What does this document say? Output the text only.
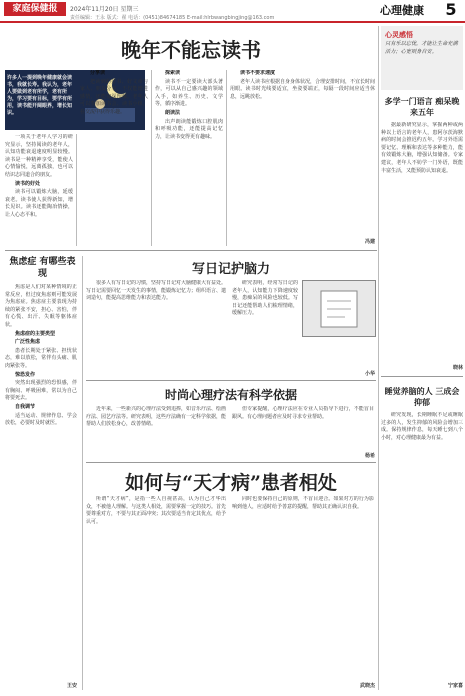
家庭保健报	2024年11月20日 星期三
责任编辑：王永 版式：翟 电话：(0451)84674185 E-mail:hlrbwangbingjing@163.com
心理健康	5
晚年不能忘读书
许多人一提到晚年健康就会读书，我就长寿。我认为，老年人要做到老有所学，老有所为，学习要有目标，要学有所用，读书能开阔眼界，增长知识。

一项关于老年人学习的研究显示，坚持阅读的老年人，认知功能衰退速度明显较慢。读书是一种精神享受，能使人心情愉悦，远离孤独，也可以结识志同道合的朋友。

读书的好处

读书可以锻炼大脑，延缓衰老。读书使人获得新知，增长见识。读书还能陶冶情操，让人心态平和。

分享读

把读到的好书、好文章与家人、朋友分享，不仅能增进感情，还能加深理解。老年人可以参加读书会、读书小组，在交流中获得乐趣。

探索读

读书不一定要读大部头著作，可以从自己感兴趣的领域入手，如养生、历史、文学等，循序渐进。

朗读法

出声朗读能锻炼口腔肌肉和呼吸功能，还能提高记忆力，让读书变得更有趣味。

读书不要求速度

老年人读书应根据自身身体状况，合理安排时间，不宜长时间用眼。读书时光线要适宜，坐姿要端正，每隔一段时间应适当休息，远眺放松。

冯建
心灵感悟
只有乐以忘忧，才能让生命充满活力；心宽则身自安。
多学一门语言 痴呆晚来五年

据最新研究显示，掌握两种或两种以上语言的老年人，患阿尔茨海默病的时间会推迟约五年。学习外语需要记忆、理解和表达等多种能力，能有效锻炼大脑，增强认知储备。专家建议，老年人不妨学一门外语，既能丰富生活，又能预防认知衰退。

晓林
睡觉养脑的人 三成会抑郁

研究发现，长期睡眠不足或睡眠过多的人，发生抑郁的风险会增加三成。保持规律作息，每天睡七到八个小时，对心理健康最为有益。

宁家喜
焦虑症 有哪些表现

焦虑是人们对某种情境的正常反应，但过度焦虑则可能发展为焦虑症。焦虑症主要表现为持续的紧张不安，担心、害怕，伴有心慌、出汗、失眠等躯体症状。

焦虑症的主要类型

广泛性焦虑

患者长期处于紧张、担忧状态，难以放松，常伴有头痛、肌肉紧张等。

惊恐发作

突然出现强烈的恐惧感，伴有胸闷、呼吸困难，常以为自己将要死去。

自我调节

适当运动、规律作息、学会放松，必要时及时就医。

王安
写日记护脑力

很多人有写日记的习惯，坚持写日记对大脑健康大有益处。写日记需要回忆一天发生的事情，能锻炼记忆力；组织语言、遣词造句，能提高思维能力和表达能力。

研究表明，经常写日记的老年人，认知能力下降速度较慢，患痴呆的风险也较低。写日记还能帮助人们梳理情绪，缓解压力。

小华
时尚心理疗法有科学依据

近年来，一些新兴的心理疗法受到追捧，如音乐疗法、绘画疗法、园艺疗法等。研究表明，这些疗法确有一定科学依据，能帮助人们放松身心，改善情绪。

但专家提醒，心理疗法应在专业人员指导下进行，不能盲目跟风。有心理问题者应及时寻求专业帮助。

杨希
如何与“天才病”患者相处

所谓“天才病”，是指一些人自视甚高，认为自己才华出众，不被他人理解。与这类人相处，需要掌握一定的技巧。首先要尊重对方，不要与其正面冲突；其次要适当肯定其优点，给予认可。

同时也要保持自己的原则，不盲目迎合。如果对方的行为影响到他人，应适时给予善意的提醒，帮助其正确认识自我。

武晓杰
